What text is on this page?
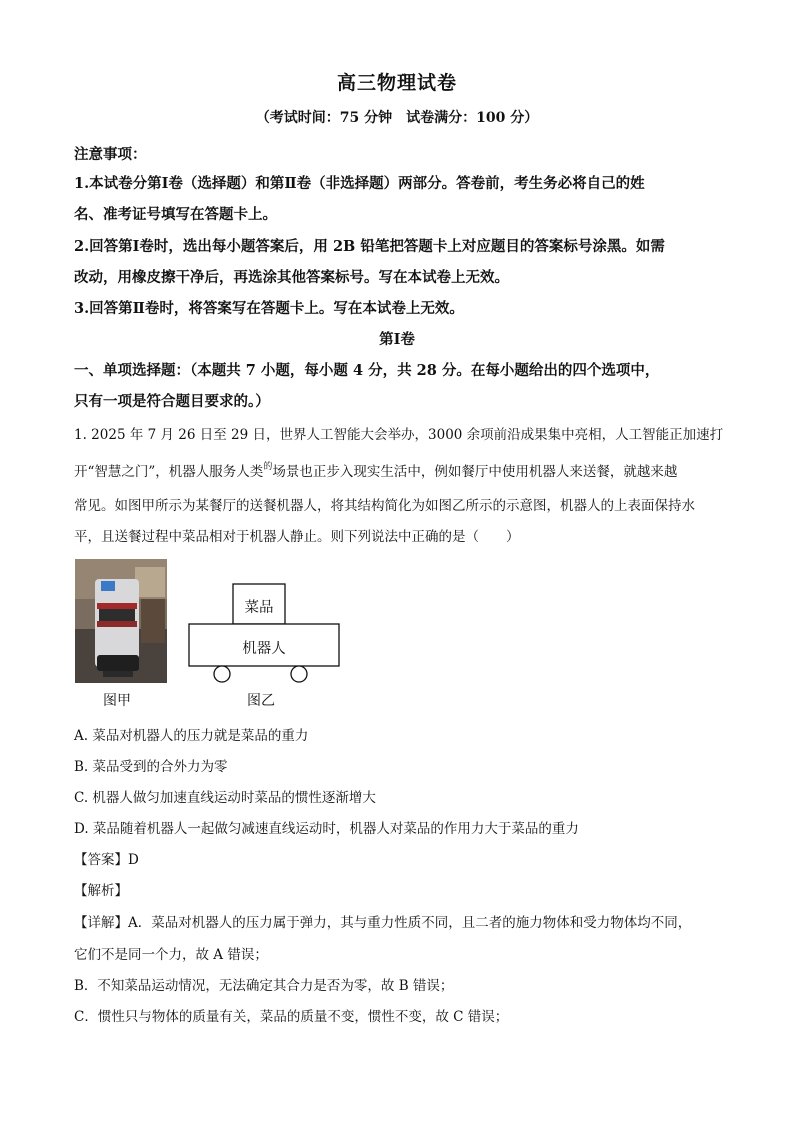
高三物理试卷
（考试时间：75 分钟　试卷满分：100 分）
注意事项：
1.本试卷分第Ⅰ卷（选择题）和第Ⅱ卷（非选择题）两部分。答卷前，考生务必将自己的姓
名、准考证号填写在答题卡上。
2.回答第Ⅰ卷时，选出每小题答案后，用 2B 铅笔把答题卡上对应题目的答案标号涂黑。如需
改动，用橡皮擦干净后，再选涂其他答案标号。写在本试卷上无效。
3.回答第Ⅱ卷时，将答案写在答题卡上。写在本试卷上无效。
第Ⅰ卷
一、单项选择题：（本题共 7 小题，每小题 4 分，共 28 分。在每小题给出的四个选项中，
只有一项是符合题目要求的。）
1. 2025 年 7 月 26 日至 29 日，世界人工智能大会举办，3000 余项前沿成果集中亮相，人工智能正加速打
开“智慧之门”，机器人服务人类$^的$场景也正步入现实生活中，例如餐厅中使用机器人来送餐，就越来越
常见。如图甲所示为某餐厅的送餐机器人，将其结构简化为如图乙所示的示意图，机器人的上表面保持水
平，且送餐过程中菜品相对于机器人静止。则下列说法中正确的是（　　）
菜品
机器人
图甲	图乙
A. 菜品对机器人的压力就是菜品的重力
B. 菜品受到的合外力为零
C. 机器人做匀加速直线运动时菜品的惯性逐渐增大
D. 菜品随着机器人一起做匀减速直线运动时，机器人对菜品的作用力大于菜品的重力
【答案】D
【解析】
【详解】A．菜品对机器人的压力属于弹力，其与重力性质不同，且二者的施力物体和受力物体均不同，
它们不是同一个力，故 A 错误；
B．不知菜品运动情况，无法确定其合力是否为零，故 B 错误；
C．惯性只与物体的质量有关，菜品的质量不变，惯性不变，故 C 错误；
